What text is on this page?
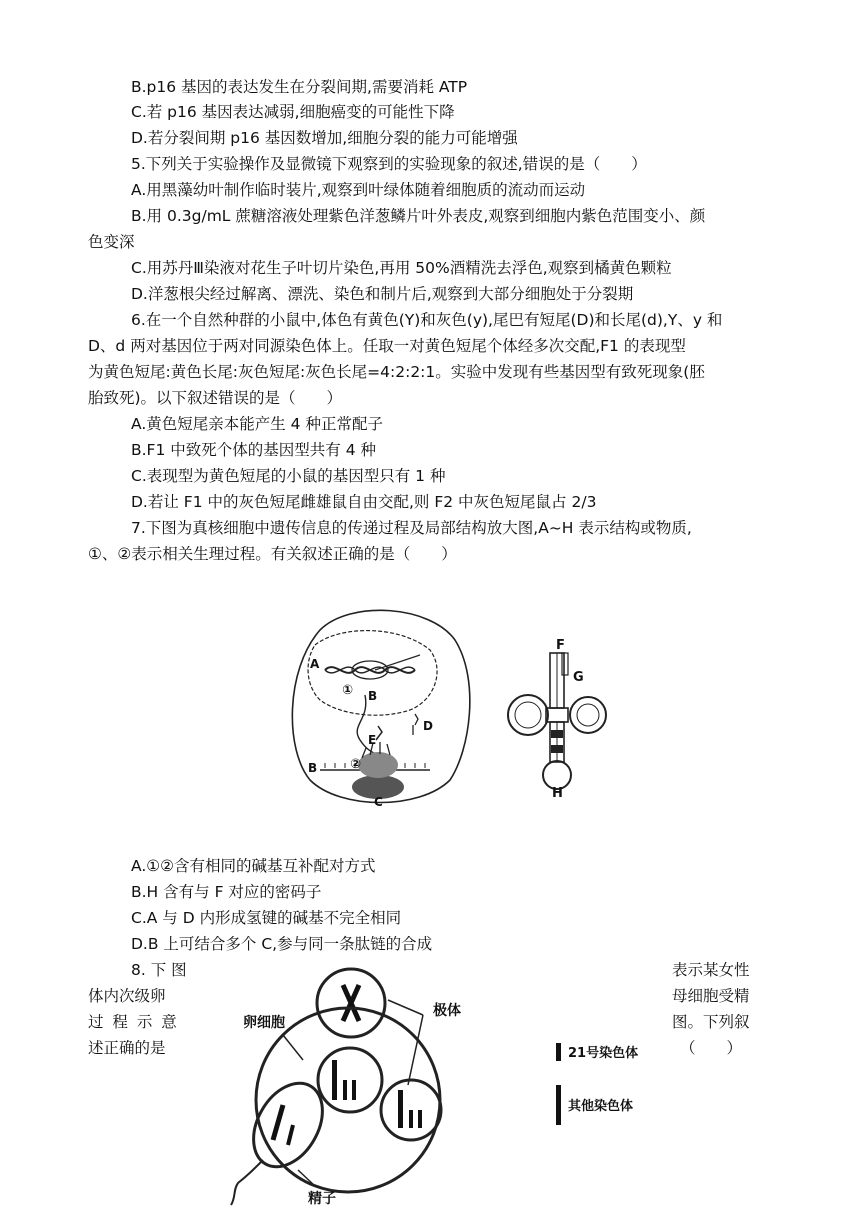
B.p16 基因的表达发生在分裂间期,需要消耗 ATP
C.若 p16 基因表达减弱,细胞癌变的可能性下降
D.若分裂间期 p16 基因数增加,细胞分裂的能力可能增强
5.下列关于实验操作及显微镜下观察到的实验现象的叙述,错误的是（　　）
A.用黑藻幼叶制作临时装片,观察到叶绿体随着细胞质的流动而运动
B.用 0.3g/mL 蔗糖溶液处理紫色洋葱鳞片叶外表皮,观察到细胞内紫色范围变小、颜
色变深
C.用苏丹Ⅲ染液对花生子叶切片染色,再用 50%酒精洗去浮色,观察到橘黄色颗粒
D.洋葱根尖经过解离、漂洗、染色和制片后,观察到大部分细胞处于分裂期
6.在一个自然种群的小鼠中,体色有黄色(Y)和灰色(y),尾巴有短尾(D)和长尾(d),Y、y 和
D、d 两对基因位于两对同源染色体上。任取一对黄色短尾个体经多次交配,F1 的表现型
为黄色短尾:黄色长尾:灰色短尾:灰色长尾=4:2:2:1。实验中发现有些基因型有致死现象(胚
胎致死)。以下叙述错误的是（　　）
A.黄色短尾亲本能产生 4 种正常配子
B.F1 中致死个体的基因型共有 4 种
C.表现型为黄色短尾的小鼠的基因型只有 1 种
D.若让 F1 中的灰色短尾雌雄鼠自由交配,则 F2 中灰色短尾鼠占 2/3
7.下图为真核细胞中遗传信息的传递过程及局部结构放大图,A~H 表示结构或物质,
①、②表示相关生理过程。有关叙述正确的是（　　）
A
① B
D
E
B	②
C
F
G
H
A.①②含有相同的碱基互补配对方式
B.H 含有与 F 对应的密码子
C.A 与 D 内形成氢键的碱基不完全相同
D.B 上可结合多个 C,参与同一条肽链的合成
8. 下 图	表示某女性
体内次级卵	母细胞受精
过 程 示 意	图。下列叙
述正确的是	（　　）
卵细胞
极体
精子
21号染色体
其他染色体
